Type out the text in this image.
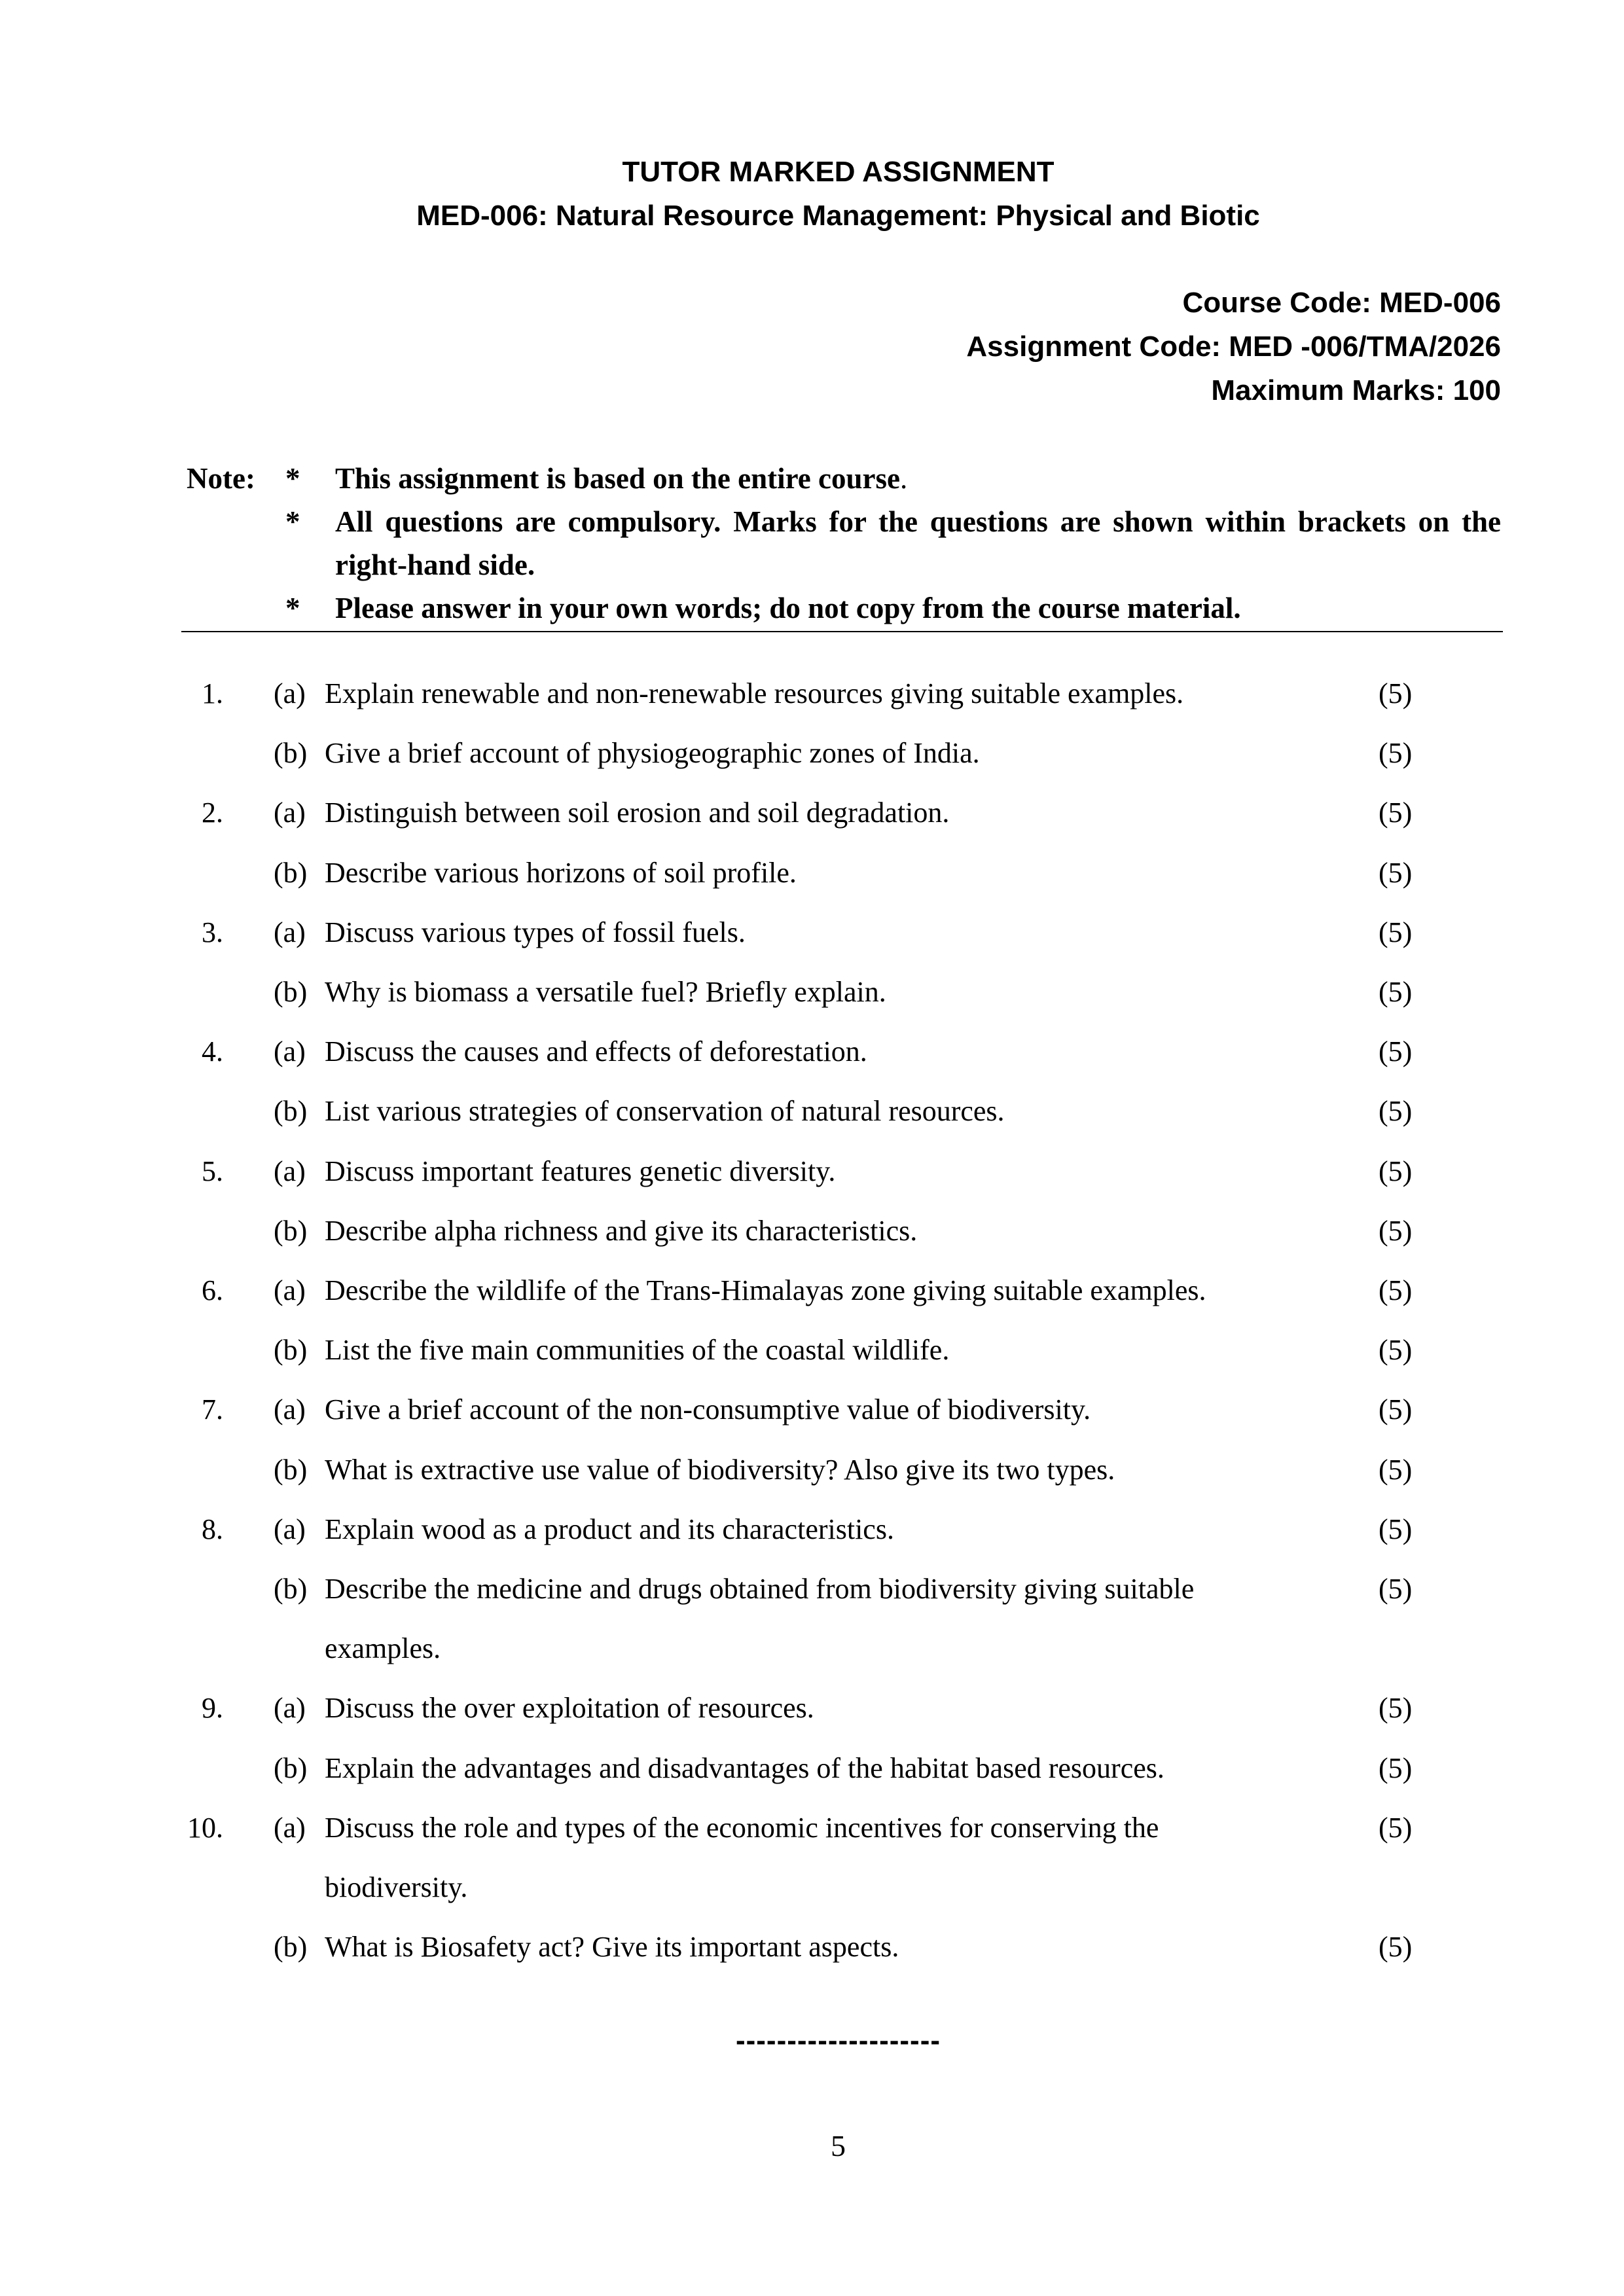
TUTOR MARKED ASSIGNMENT
MED-006: Natural Resource Management: Physical and Biotic
Course Code: MED-006
Assignment Code: MED -006/TMA/2026
Maximum Marks: 100
Note: * This assignment is based on the entire course.
* All questions are compulsory. Marks for the questions are shown within brackets on the right-hand side.
* Please answer in your own words; do not copy from the course material.
1. (a) Explain renewable and non-renewable resources giving suitable examples.	(5)
(b) Give a brief account of physiogeographic zones of India.	(5)
2. (a) Distinguish between soil erosion and soil degradation.	(5)
(b) Describe various horizons of soil profile.	(5)
3. (a) Discuss various types of fossil fuels.	(5)
(b) Why is biomass a versatile fuel? Briefly explain.	(5)
4. (a) Discuss the causes and effects of deforestation.	(5)
(b) List various strategies of conservation of natural resources.	(5)
5. (a) Discuss important features genetic diversity.	(5)
(b) Describe alpha richness and give its characteristics.	(5)
6. (a) Describe the wildlife of the Trans-Himalayas zone giving suitable examples.	(5)
(b) List the five main communities of the coastal wildlife.	(5)
7. (a) Give a brief account of the non-consumptive value of biodiversity.	(5)
(b) What is extractive use value of biodiversity? Also give its two types.	(5)
8. (a) Explain wood as a product and its characteristics.	(5)
(b) Describe the medicine and drugs obtained from biodiversity giving suitable
examples.
(5)
9. (a) Discuss the over exploitation of resources.	(5)
(b) Explain the advantages and disadvantages of the habitat based resources.	(5)
10. (a) Discuss the role and types of the economic incentives for conserving the
biodiversity.
(5)
(b) What is Biosafety act? Give its important aspects.	(5)
--------------------
5
